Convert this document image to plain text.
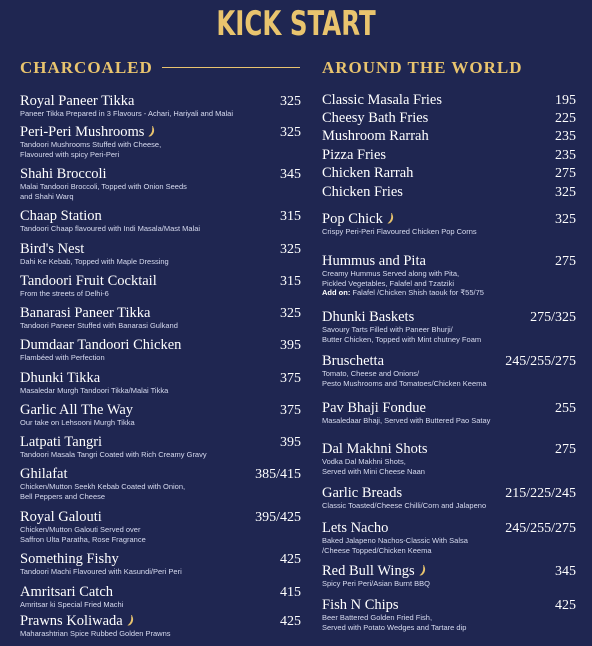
KICK START
CHARCOALED	AROUND THE WORLD
Royal Paneer Tikka	325
Paneer Tikka Prepared in 3 Flavours - Achari, Hariyali and Malai
Peri-Peri Mushrooms	325
Tandoori Mushrooms Stuffed with Cheese,
Flavoured with spicy Peri-Peri
Shahi Broccoli	345
Malai Tandoori Broccoli, Topped with Onion Seeds
and Shahi Warq
Chaap Station	315
Tandoori Chaap flavoured with Indi Masala/Mast Malai
Bird's Nest	325
Dahi Ke Kebab, Topped with Maple Dressing
Tandoori Fruit Cocktail	315
From the streets of Delhi-6
Banarasi Paneer Tikka	325
Tandoori Paneer Stuffed with Banarasi Gulkand
Dumdaar Tandoori Chicken	395
Flambéed with Perfection
Dhunki Tikka	375
Masaledar Murgh Tandoori Tikka/Malai Tikka
Garlic All The Way	375
Our take on Lehsooni Murgh Tikka
Latpati Tangri	395
Tandoori Masala Tangri Coated with Rich Creamy Gravy
Ghilafat	385/415
Chicken/Mutton Seekh Kebab Coated with Onion,
Bell Peppers and Cheese
Royal Galouti	395/425
Chicken/Mutton Galouti Served over
Saffron Ulta Paratha, Rose Fragrance
Something Fishy	425
Tandoori Machi Flavoured with Kasundi/Peri Peri
Amritsari Catch	415
Amritsar ki Special Fried Machi
Prawns Koliwada	425
Maharashtrian Spice Rubbed Golden Prawns
Classic Masala Fries	195
Cheesy Bath Fries	225
Mushroom Rarrah	235
Pizza Fries	235
Chicken Rarrah	275
Chicken Fries	325
Pop Chick	325
Crispy Peri-Peri Flavoured Chicken Pop Corns
Hummus and Pita	275
Creamy Hummus Served along with Pita,
Pickled Vegetables, Falafel and Tzatziki
Add on: Falafel /Chicken Shish taouk for ₹55/75
Dhunki Baskets	275/325
Savoury Tarts Filled with Paneer Bhurji/
Butter Chicken, Topped with Mint chutney Foam
Bruschetta	245/255/275
Tomato, Cheese and Onions/
Pesto Mushrooms and Tomatoes/Chicken Keema
Pav Bhaji Fondue	255
Masaledaar Bhaji, Served with Buttered Pao Satay
Dal Makhni Shots	275
Vodka Dal Makhni Shots,
Served with Mini Cheese Naan
Garlic Breads	215/225/245
Classic Toasted/Cheese Chilli/Corn and Jalapeno
Lets Nacho	245/255/275
Baked Jalapeno Nachos-Classic With Salsa
/Cheese Topped/Chicken Keema
Red Bull Wings	345
Spicy Peri Peri/Asian Burnt BBQ
Fish N Chips	425
Beer Battered Golden Fried Fish,
Served with Potato Wedges and Tartare dip
